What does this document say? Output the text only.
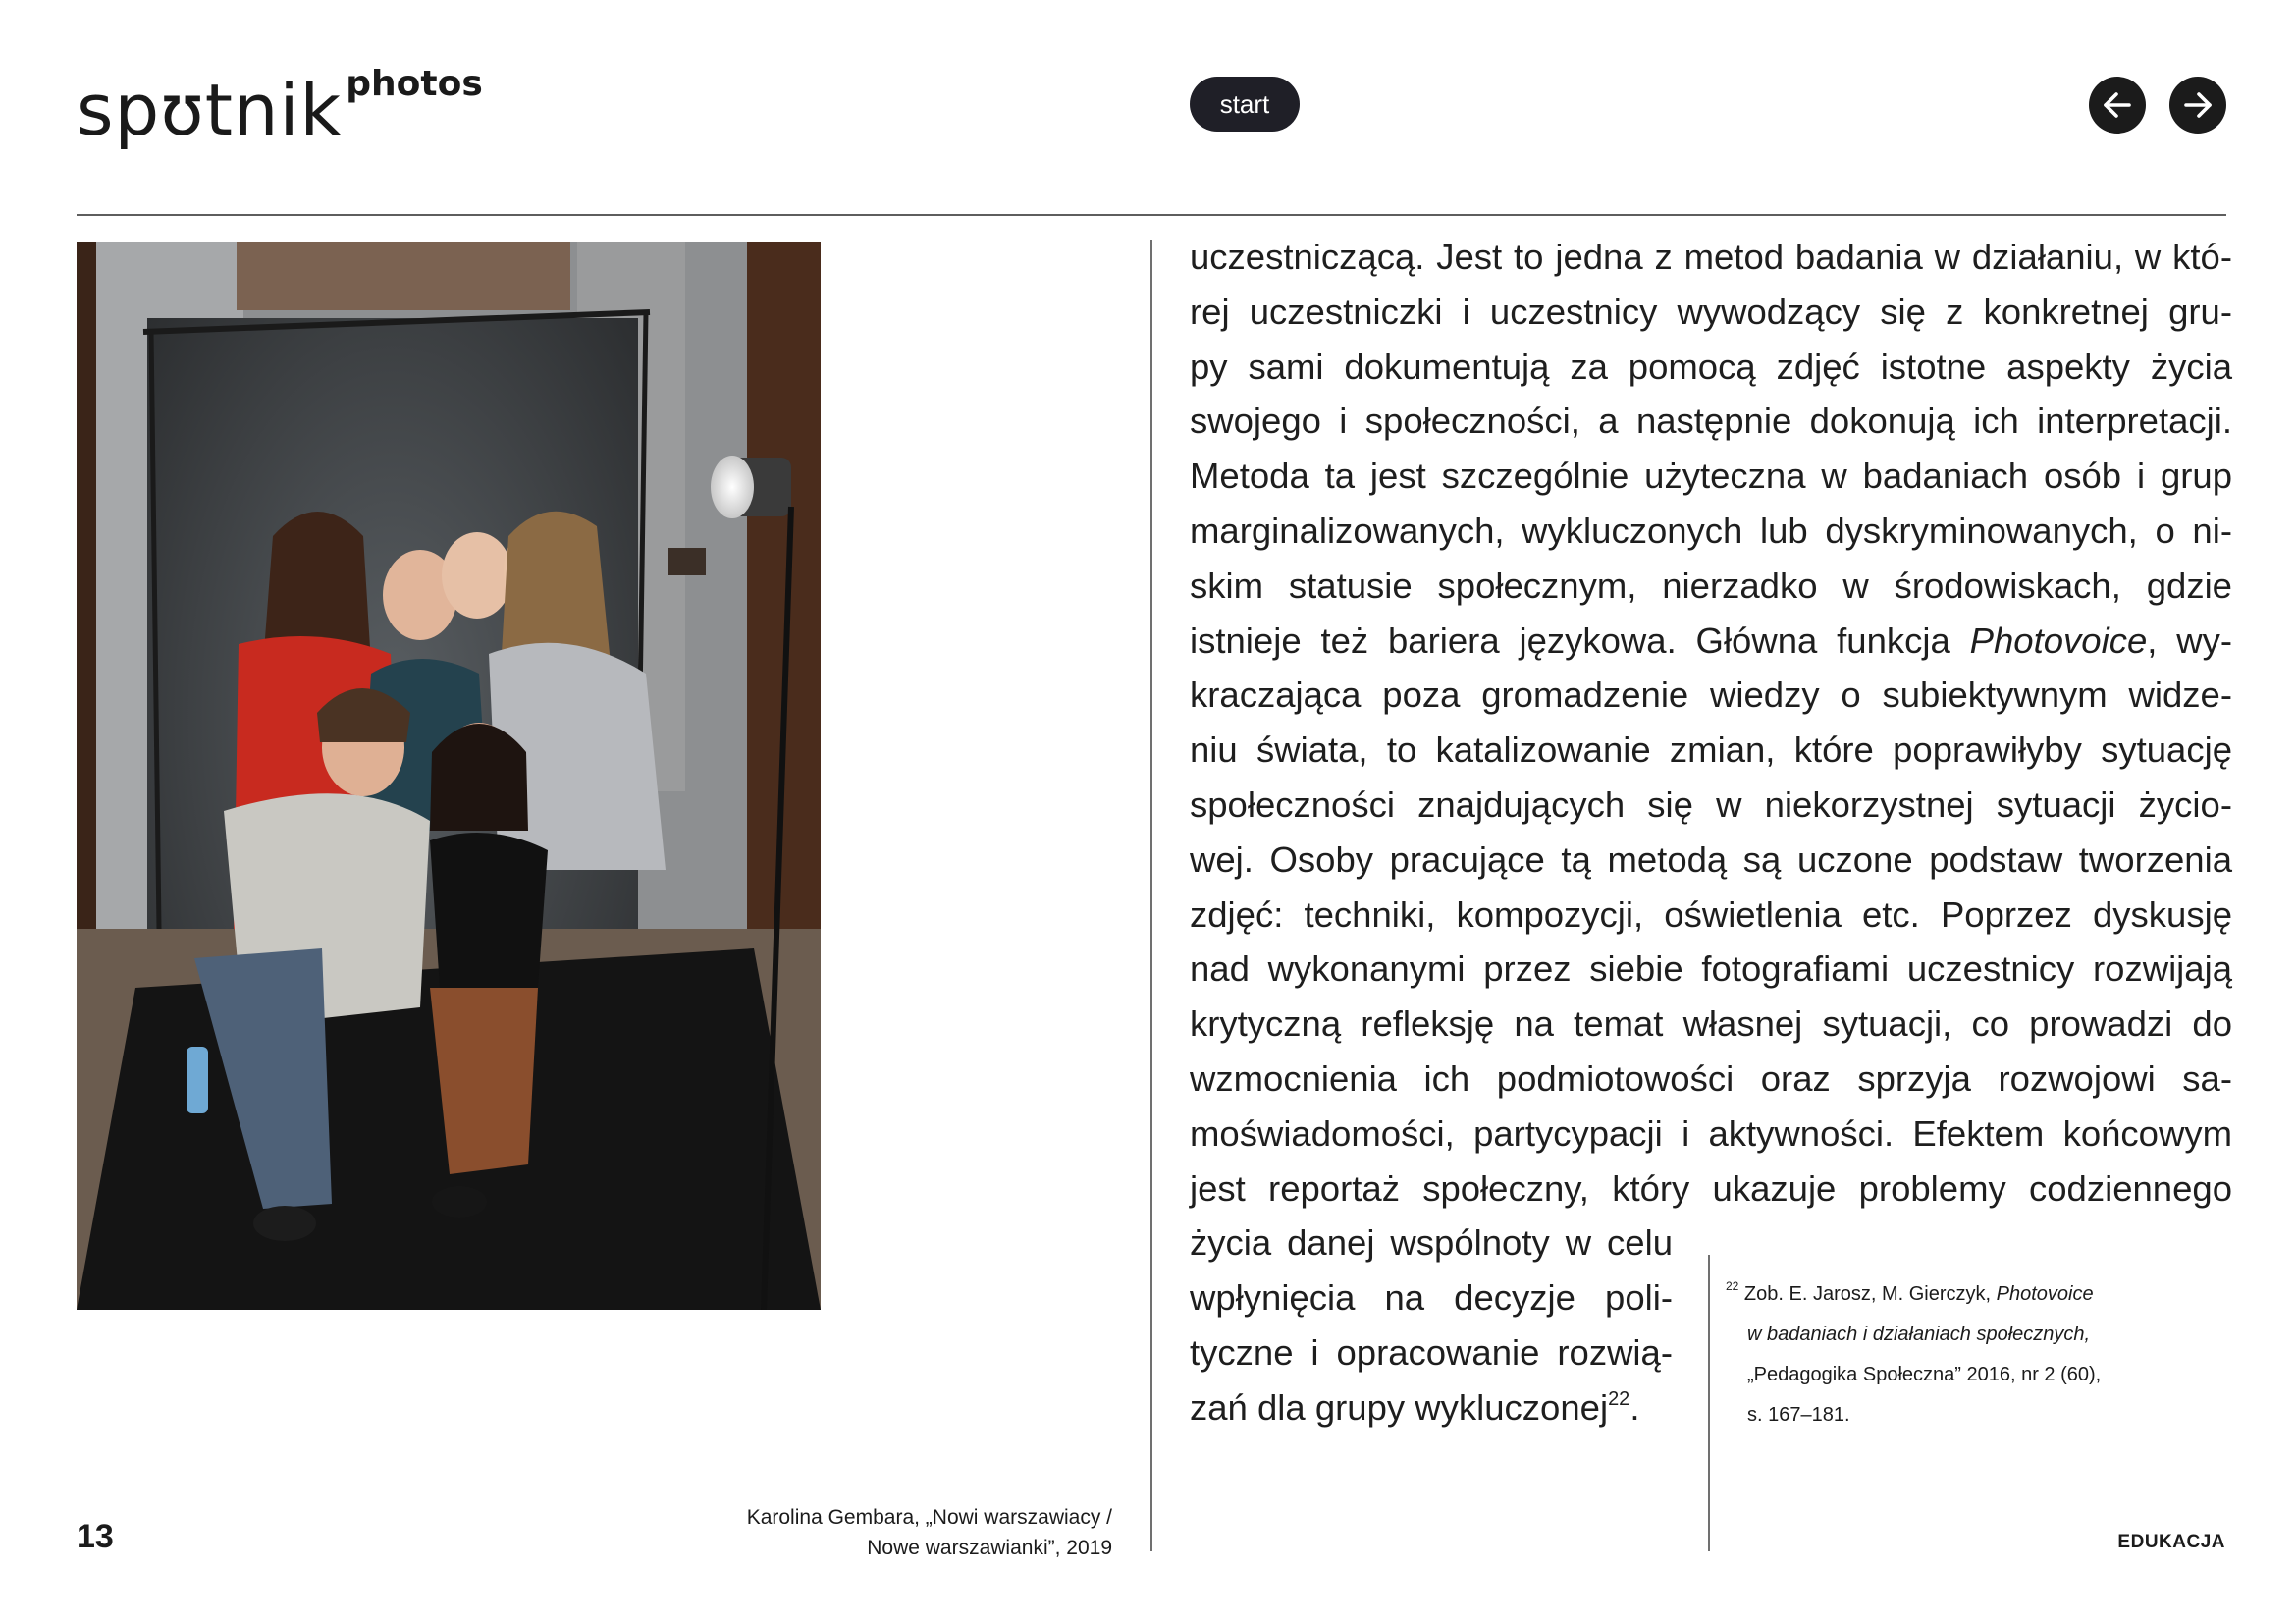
spʊtnik photos	start
Karolina Gembara, „Nowi warszawiacy /
Nowe warszawianki”, 2019
uczestniczącą. Jest to jedna z metod badania w działaniu, w któ-
rej uczestniczki i uczestnicy wywodzący się z konkretnej gru-
py sami dokumentują za pomocą zdjęć istotne aspekty życia
swojego i społeczności, a następnie dokonują ich interpretacji.
Metoda ta jest szczególnie użyteczna w badaniach osób i grup
marginalizowanych, wykluczonych lub dyskryminowanych, o ni-
skim statusie społecznym, nierzadko w środowiskach, gdzie
istnieje też bariera językowa. Główna funkcja Photovoice, wy-
kraczająca poza gromadzenie wiedzy o subiektywnym widze-
niu świata, to katalizowanie zmian, które poprawiłyby sytuację
społeczności znajdujących się w niekorzystnej sytuacji życio-
wej. Osoby pracujące tą metodą są uczone podstaw tworzenia
zdjęć: techniki, kompozycji, oświetlenia etc. Poprzez dyskusję
nad wykonanymi przez siebie fotografiami uczestnicy rozwijają
krytyczną refleksję na temat własnej sytuacji, co prowadzi do
wzmocnienia ich podmiotowości oraz sprzyja rozwojowi sa-
moświadomości, partycypacji i aktywności. Efektem końcowym
jest reportaż społeczny, który ukazuje problemy codziennego
życia danej wspólnoty w celu
wpłynięcia na decyzje poli-
tyczne i opracowanie rozwią-
zań dla grupy wykluczonej$^{22}$.
$^{22}$ Zob. E. Jarosz, M. Gierczyk, Photovoice
w badaniach i działaniach społecznych,
„Pedagogika Społeczna” 2016, nr 2 (60),
s. 167–181.
13	EDUKACJA
